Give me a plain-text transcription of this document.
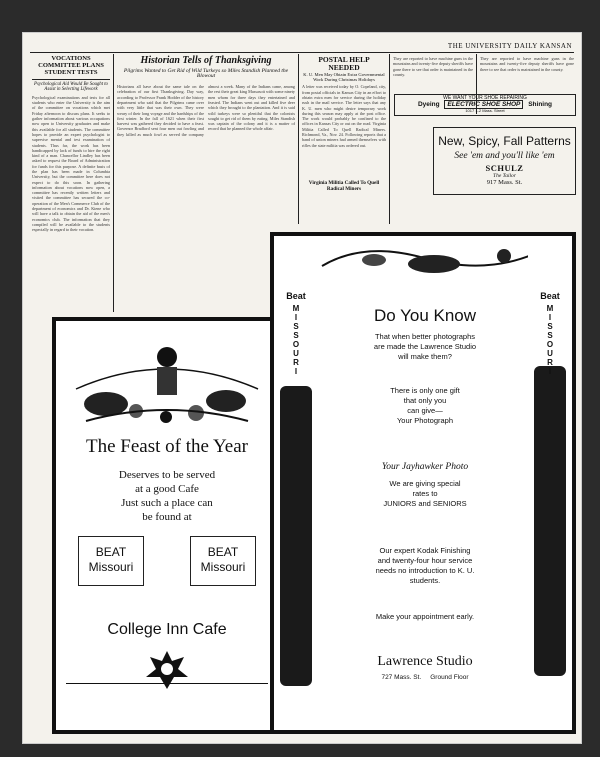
THE UNIVERSITY DAILY KANSAN
VOCATIONS COMMITTEE PLANS STUDENT TESTS
Psychological Aid Would Be Sought to Assist in Selecting Lifework
Psychological examinations and tests for all students who enter the University is the aim of the committee on vocations which met Friday afternoon to discuss plans. It seeks to gather information about various occupations now open to University graduates and make this available for all students. The committee hopes to provide an expert psychologist to supervise mental and test examination of students. Thus far, the work has been handicapped by lack of funds to hire the right kind of a man. Chancellor Lindley has been asked to request the Board of Administration for funds for this purpose. A definite basis of the plan has been made in Columbia University, but the committee here does not expect to do this soon. In gathering information about vocations now open, a committee has recently written letters and visited the committee has secured the co-operation of the Men's Commerce Club of the department of economics and Dr. Kiene who will have a talk to obtain the aid of the men's economics club. The information that they compiled will be available to the students especially in regard to their vocation.
Historian Tells of Thanksgiving
Pilgrims Wanted to Get Rid of Wild Turkeys so Miles Standish Planned the Blowout
Historians all have about the same tale on the celebration of our first Thanksgiving. Day way, according to Professor Frank Hodder of the history department who said that the Pilgrims came over with very little that was their own. They were weary of their long voyage and the hardships of the first winter. In the fall of 1621 when their first harvest was gathered they decided to have a feast. Governor Bradford sent four men out fowling and they killed as much fowl as served the company almost a week. Many of the Indians came, among the rest their great king Massasoit with some ninety men whom for three days they entertained and feasted. The Indians went out and killed five deer which they brought to the plantation. And it is said wild turkeys were so plentiful that the colonists sought to get rid of them by eating. Miles Standish was captain of the colony and it is a matter of record that he planned the whole affair.
POSTAL HELP NEEDED
K. U. Men May Obtain Extra Governmental Work During Christmas Holidays
A letter was received today by O. Copeland, city, from postal officials in Kansas City in an effort to obtain extra men for service during the holiday rush in the mail service. The letter says that any K. U. men who might desire temporary work during this season may apply at the post office. The work would probably be confined to the offices in Kansas City or out on the road. Virginia Militia Called To Quell Radical Miners. Richmond, Va., Nov. 24. Following reports that a band of union miners had armed themselves with rifles the state militia was ordered out.
Virginia Militia Called To Quell Radical Miners
They are reported to have machine guns in the mountains and twenty-five deputy sheriffs have gone there to see that order is maintained in the county.
They are reported to have machine guns in the mountains and twenty-five deputy sheriffs have gone there to see that order is maintained in the county.
WE WANT YOUR SHOE REPAIRING
Dyeing ELECTRIC SHOE SHOP Shining
1017 1-2 Mass. Street
New, Spicy, Fall Patterns
See 'em and you'll like 'em
SCHULZ
The Tailor
917 Mass. St.
The Feast of the Year
Deserves to be served
at a good Cafe
Just such a place can
be found at
BEAT
Missouri
BEAT
Missouri
College Inn Cafe
Beat
M
I
S
S
O
U
R
I
Beat
M
I
S
S
O
U
R
I
Do You Know
That when better photographs
are made the Lawrence Studio
will make them?
There is only one gift
that only you
can give—
Your Photograph
Your Jayhawker Photo
We are giving special
rates to
JUNIORS and SENIORS
Our expert Kodak Finishing
and twenty-four hour service
needs no introduction to K. U.
students.
Make your appointment early.
Lawrence Studio
727 Mass. St. Ground Floor
